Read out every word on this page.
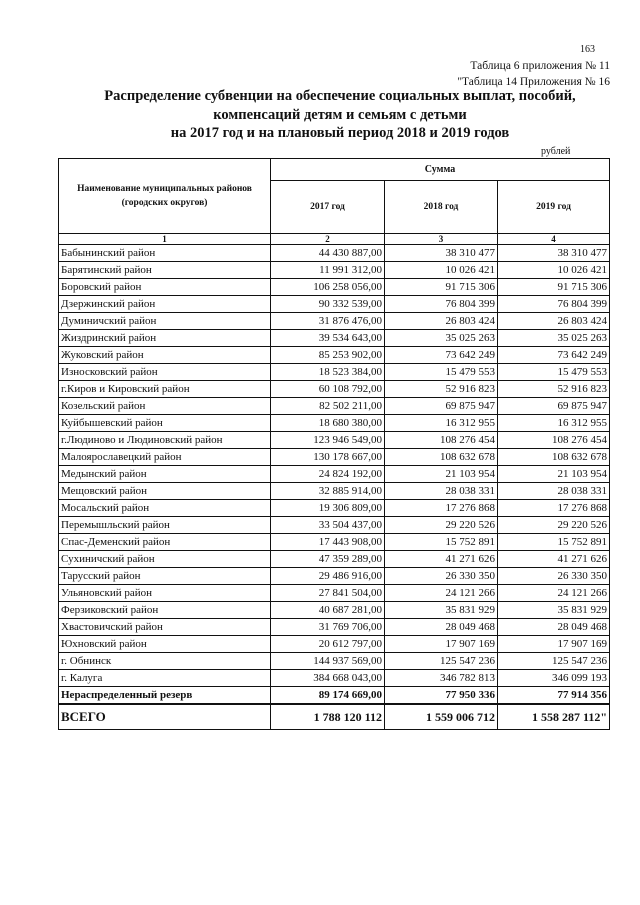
163
Таблица 6 приложения № 11
"Таблица 14 Приложения № 16
Распределение субвенции на обеспечение социальных выплат, пособий,
компенсаций детям и семьям с детьми
на 2017 год и на плановый период 2018 и 2019 годов
рублей
Наименование муниципальных районов (городских округов)	Сумма		
	2017 год	2018 год	2019 год
1	2	3	4
Бабынинский район	44 430 887,00	38 310 477	38 310 477
Барятинский район	11 991 312,00	10 026 421	10 026 421
Боровский район	106 258 056,00	91 715 306	91 715 306
Дзержинский район	90 332 539,00	76 804 399	76 804 399
Думиничский район	31 876 476,00	26 803 424	26 803 424
Жиздринский район	39 534 643,00	35 025 263	35 025 263
Жуковский район	85 253 902,00	73 642 249	73 642 249
Износковский район	18 523 384,00	15 479 553	15 479 553
г.Киров и Кировский район	60 108 792,00	52 916 823	52 916 823
Козельский район	82 502 211,00	69 875 947	69 875 947
Куйбышевский район	18 680 380,00	16 312 955	16 312 955
г.Людиново и Людиновский район	123 946 549,00	108 276 454	108 276 454
Малоярославецкий район	130 178 667,00	108 632 678	108 632 678
Медынский район	24 824 192,00	21 103 954	21 103 954
Мещовский район	32 885 914,00	28 038 331	28 038 331
Мосальский район	19 306 809,00	17 276 868	17 276 868
Перемышльский район	33 504 437,00	29 220 526	29 220 526
Спас-Деменский район	17 443 908,00	15 752 891	15 752 891
Сухиничский район	47 359 289,00	41 271 626	41 271 626
Тарусский район	29 486 916,00	26 330 350	26 330 350
Ульяновский район	27 841 504,00	24 121 266	24 121 266
Ферзиковский район	40 687 281,00	35 831 929	35 831 929
Хвастовичский район	31 769 706,00	28 049 468	28 049 468
Юхновский район	20 612 797,00	17 907 169	17 907 169
г. Обнинск	144 937 569,00	125 547 236	125 547 236
г. Калуга	384 668 043,00	346 782 813	346 099 193
Нераспределенный резерв	89 174 669,00	77 950 336	77 914 356
ВСЕГО	1 788 120 112	1 559 006 712	1 558 287 112"
